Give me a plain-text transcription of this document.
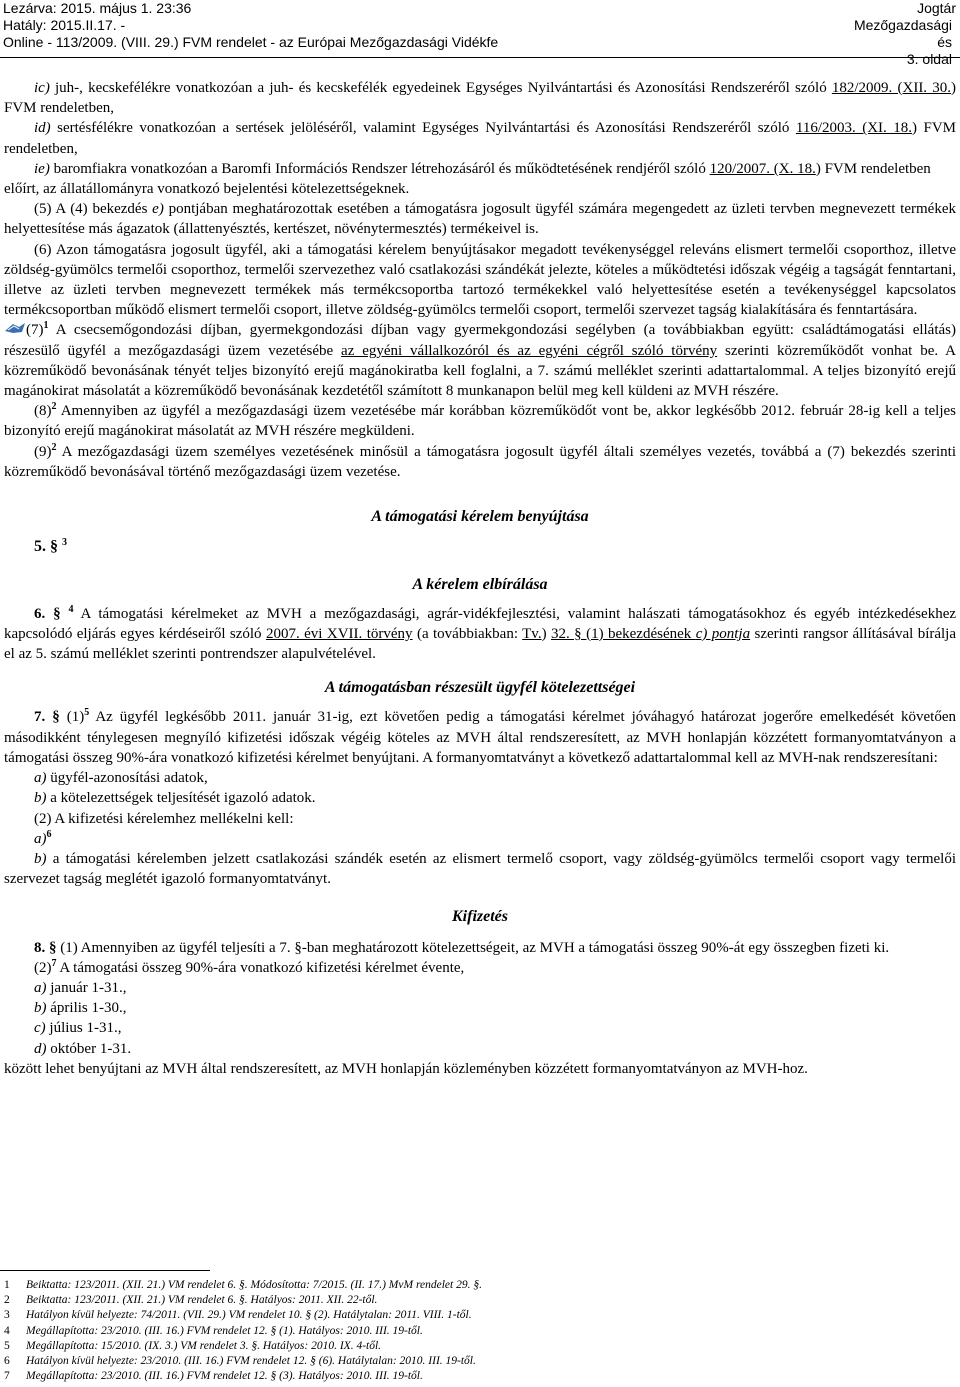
Lezárva: 2015. május 1. 23:36
Hatály: 2015.II.17. -
Online - 113/2009. (VIII. 29.) FVM rendelet - az Európai Mezőgazdasági Vidékfe
Jogtár
Mezőgazdasági és
3. oldal

ic) juh-, kecskefélékre vonatkozóan a juh- és kecskefélék egyedeinek Egységes Nyilvántartási és Azonosítási Rendszeréről szóló 182/2009. (XII. 30.) FVM rendeletben,

id) sertésfélékre vonatkozóan a sertések jelöléséről, valamint Egységes Nyilvántartási és Azonosítási Rendszeréről szóló 116/2003. (XI. 18.) FVM rendeletben,

ie) baromfiakra vonatkozóan a Baromfi Információs Rendszer létrehozásáról és működtetésének rendjéről szóló 120/2007. (X. 18.) FVM rendeletben

előírt, az állatállományra vonatkozó bejelentési kötelezettségeknek.

(5) A (4) bekezdés e) pontjában meghatározottak esetében a támogatásra jogosult ügyfél számára megengedett az üzleti tervben megnevezett termékek helyettesítése más ágazatok (állattenyésztés, kertészet, növénytermesztés) termékeivel is.

(6) Azon támogatásra jogosult ügyfél, aki a támogatási kérelem benyújtásakor megadott tevékenységgel releváns elismert termelői csoporthoz, illetve zöldség-gyümölcs termelői csoporthoz, termelői szervezethez való csatlakozási szándékát jelezte, köteles a működtetési időszak végéig a tagságát fenntartani, illetve az üzleti tervben megnevezett termékek más termékcsoportba tartozó termékekkel való helyettesítése esetén a tevékenységgel kapcsolatos termékcsoportban működő elismert termelői csoport, illetve zöldség-gyümölcs termelői csoport, termelői szervezet tagság kialakítására és fenntartására.

$(7)^1$ A csecsemőgondozási díjban, gyermekgondozási díjban vagy gyermekgondozási segélyben (a továbbiakban együtt: családtámogatási ellátás) részesülő ügyfél a mezőgazdasági üzem vezetésébe az egyéni vállalkozóról és az egyéni cégről szóló törvény szerinti közreműködőt vonhat be. A közreműködő bevonásának tényét teljes bizonyító erejű magánokiratba kell foglalni, a 7. számú melléklet szerinti adattartalommal. A teljes bizonyító erejű magánokirat másolatát a közreműködő bevonásának kezdetétől számított 8 munkanapon belül meg kell küldeni az MVH részére.

$(8)^2$ Amennyiben az ügyfél a mezőgazdasági üzem vezetésébe már korábban közreműködőt vont be, akkor legkésőbb 2012. február 28-ig kell a teljes bizonyító erejű magánokirat másolatát az MVH részére megküldeni.

$(9)^2$ A mezőgazdasági üzem személyes vezetésének minősül a támogatásra jogosult ügyfél általi személyes vezetés, továbbá a (7) bekezdés szerinti közreműködő bevonásával történő mezőgazdasági üzem vezetése.

A támogatási kérelem benyújtása

5. § $^3$

A kérelem elbírálása

6. § $^4$ A támogatási kérelmeket az MVH a mezőgazdasági, agrár-vidékfejlesztési, valamint halászati támogatásokhoz és egyéb intézkedésekhez kapcsolódó eljárás egyes kérdéseiről szóló 2007. évi XVII. törvény (a továbbiakban: Tv.) 32. § (1) bekezdésének c) pontja szerinti rangsor állításával bírálja el az 5. számú melléklet szerinti pontrendszer alapulvételével.

A támogatásban részesült ügyfél kötelezettségei

7. § $(1)^5$ Az ügyfél legkésőbb 2011. január 31-ig, ezt követően pedig a támogatási kérelmet jóváhagyó határozat jogerőre emelkedését követően másodikként ténylegesen megnyíló kifizetési időszak végéig köteles az MVH által rendszeresített, az MVH honlapján közzétett formanyomtatványon a támogatási összeg 90%-ára vonatkozó kifizetési kérelmet benyújtani. A formanyomtatványt a következő adattartalommal kell az MVH-nak rendszeresítani:

a) ügyfél-azonosítási adatok,

b) a kötelezettségek teljesítését igazoló adatok.

(2) A kifizetési kérelemhez mellékelni kell:

a)$^6$

b) a támogatási kérelemben jelzett csatlakozási szándék esetén az elismert termelő csoport, vagy zöldség-gyümölcs termelői csoport vagy termelői szervezet tagság meglétét igazoló formanyomtatványt.

Kifizetés

8. § (1) Amennyiben az ügyfél teljesíti a 7. §-ban meghatározott kötelezettségeit, az MVH a támogatási összeg 90%-át egy összegben fizeti ki.

$(2)^7$ A támogatási összeg 90%-ára vonatkozó kifizetési kérelmet évente,

a) január 1-31.,

b) április 1-30.,

c) július 1-31.,

d) október 1-31.

között lehet benyújtani az MVH által rendszeresített, az MVH honlapján közleményben közzétett formanyomtatványon az MVH-hoz.

1 Beiktatta: 123/2011. (XII. 21.) VM rendelet 6. §. Módosította: 7/2015. (II. 17.) MvM rendelet 29. §.
2 Beiktatta: 123/2011. (XII. 21.) VM rendelet 6. §. Hatályos: 2011. XII. 22-től.
3 Hatályon kívül helyezte: 74/2011. (VII. 29.) VM rendelet 10. § (2). Hatálytalan: 2011. VIII. 1-től.
4 Megállapította: 23/2010. (III. 16.) FVM rendelet 12. § (1). Hatályos: 2010. III. 19-től.
5 Megállapította: 15/2010. (IX. 3.) VM rendelet 3. §. Hatályos: 2010. IX. 4-től.
6 Hatályon kívül helyezte: 23/2010. (III. 16.) FVM rendelet 12. § (6). Hatálytalan: 2010. III. 19-től.
7 Megállapította: 23/2010. (III. 16.) FVM rendelet 12. § (3). Hatályos: 2010. III. 19-től.
